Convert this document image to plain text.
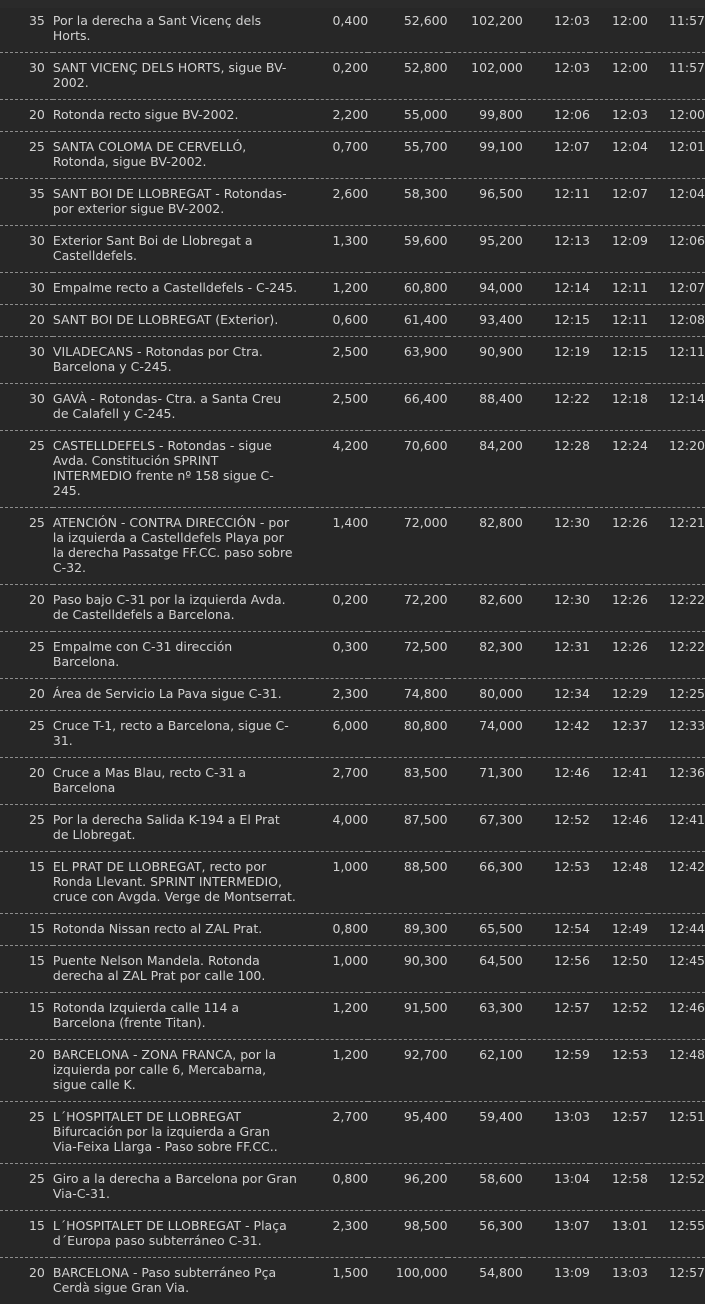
35	Por la derecha a Sant Vicenç dels Horts.	0,400	52,600	102,200	12:03	12:00	11:57
30	SANT VICENÇ DELS HORTS, sigue BV-2002.	0,200	52,800	102,000	12:03	12:00	11:57
20	Rotonda recto sigue BV-2002.	2,200	55,000	99,800	12:06	12:03	12:00
25	SANTA COLOMA DE CERVELLÓ, Rotonda, sigue BV-2002.	0,700	55,700	99,100	12:07	12:04	12:01
35	SANT BOI DE LLOBREGAT - Rotondas-por exterior sigue BV-2002.	2,600	58,300	96,500	12:11	12:07	12:04
30	Exterior Sant Boi de Llobregat a Castelldefels.	1,300	59,600	95,200	12:13	12:09	12:06
30	Empalme recto a Castelldefels - C-245.	1,200	60,800	94,000	12:14	12:11	12:07
20	SANT BOI DE LLOBREGAT (Exterior).	0,600	61,400	93,400	12:15	12:11	12:08
30	VILADECANS - Rotondas por Ctra. Barcelona y C-245.	2,500	63,900	90,900	12:19	12:15	12:11
30	GAVÀ - Rotondas- Ctra. a Santa Creu de Calafell y C-245.	2,500	66,400	88,400	12:22	12:18	12:14
25	CASTELLDEFELS - Rotondas - sigue Avda. Constitución SPRINT INTERMEDIO frente nº 158 sigue C-245.	4,200	70,600	84,200	12:28	12:24	12:20
25	ATENCIÓN - CONTRA DIRECCIÓN - por la izquierda a Castelldefels Playa por la derecha Passatge FF.CC. paso sobre C-32.	1,400	72,000	82,800	12:30	12:26	12:21
20	Paso bajo C-31 por la izquierda Avda. de Castelldefels a Barcelona.	0,200	72,200	82,600	12:30	12:26	12:22
25	Empalme con C-31 dirección Barcelona.	0,300	72,500	82,300	12:31	12:26	12:22
20	Área de Servicio La Pava sigue C-31.	2,300	74,800	80,000	12:34	12:29	12:25
25	Cruce T-1, recto a Barcelona, sigue C-31.	6,000	80,800	74,000	12:42	12:37	12:33
20	Cruce a Mas Blau, recto C-31 a Barcelona	2,700	83,500	71,300	12:46	12:41	12:36
25	Por la derecha Salida K-194 a El Prat de Llobregat.	4,000	87,500	67,300	12:52	12:46	12:41
15	EL PRAT DE LLOBREGAT, recto por Ronda Llevant. SPRINT INTERMEDIO, cruce con Avgda. Verge de Montserrat.	1,000	88,500	66,300	12:53	12:48	12:42
15	Rotonda Nissan recto al ZAL Prat.	0,800	89,300	65,500	12:54	12:49	12:44
15	Puente Nelson Mandela. Rotonda derecha al ZAL Prat por calle 100.	1,000	90,300	64,500	12:56	12:50	12:45
15	Rotonda Izquierda calle 114 a Barcelona (frente Titan).	1,200	91,500	63,300	12:57	12:52	12:46
20	BARCELONA - ZONA FRANCA, por la izquierda por calle 6, Mercabarna, sigue calle K.	1,200	92,700	62,100	12:59	12:53	12:48
25	L´HOSPITALET DE LLOBREGAT Bifurcación por la izquierda a Gran Via-Feixa Llarga - Paso sobre FF.CC..	2,700	95,400	59,400	13:03	12:57	12:51
25	Giro a la derecha a Barcelona por Gran Via-C-31.	0,800	96,200	58,600	13:04	12:58	12:52
15	L´HOSPITALET DE LLOBREGAT - Plaça d´Europa paso subterráneo C-31.	2,300	98,500	56,300	13:07	13:01	12:55
20	BARCELONA - Paso subterráneo Pça Cerdà sigue Gran Via.	1,500	100,000	54,800	13:09	13:03	12:57
